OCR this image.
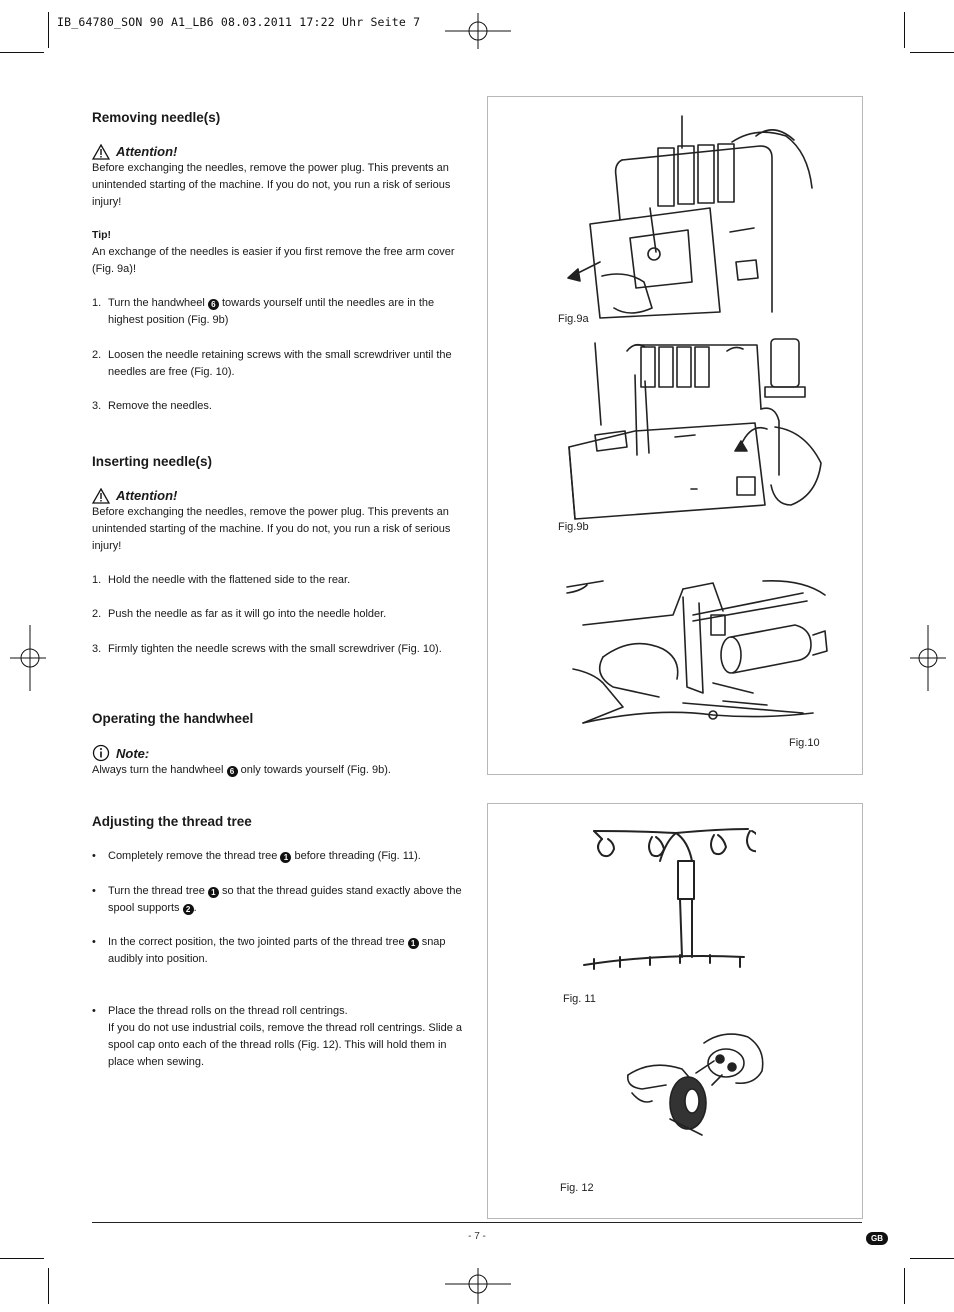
IB_64780_SON 90 A1_LB6 08.03.2011 17:22 Uhr Seite 7
Removing needle(s)
Attention!

Before exchanging the needles, remove the power plug. This prevents an unintended starting of the machine. If you do not, you run a risk of serious injury!

Tip!

An exchange of the needles is easier if you first remove the free arm cover (Fig. 9a)!

1. Turn the handwheel 6 towards yourself until the needles are in the highest position (Fig. 9b)
2. Loosen the needle retaining screws with the small screwdriver until the needles are free (Fig. 10).
3. Remove the needles.
Inserting needle(s)
Attention!

Before exchanging the needles, remove the power plug. This prevents an unintended starting of the machine. If you do not, you run a risk of serious injury!

1. Hold the needle with the flattened side to the rear.
2. Push the needle as far as it will go into the needle holder.
3. Firmly tighten the needle screws with the small screwdriver (Fig. 10).
Operating the handwheel
Note:

Always turn the handwheel 6 only towards yourself (Fig. 9b).

Adjusting the thread tree
• Completely remove the thread tree 1 before threading (Fig. 11).
• Turn the thread tree 1 so that the thread guides stand exactly above the spool supports 2 .
• In the correct position, the two jointed parts of the thread tree 1 snap audibly into position.
• Place the thread rolls on the thread roll centrings.
If you do not use industrial coils, remove the thread roll centrings. Slide a spool cap onto each of the thread rolls (Fig. 12). This will hold them in place when sewing.
Fig.9a
Fig.9b
Fig.10
Fig. 11
Fig. 12
- 7 -	GB
